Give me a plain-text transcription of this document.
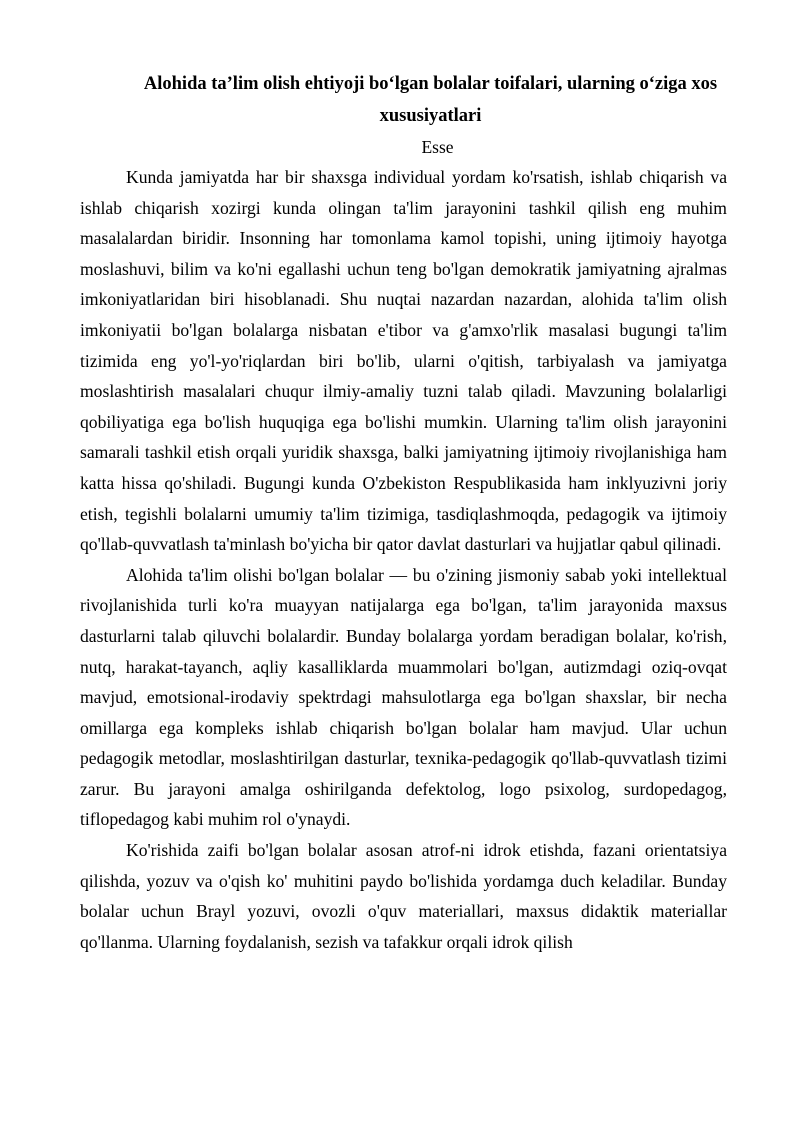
Alohida ta’lim olish ehtiyoji bo‘lgan bolalar toifalari, ularning o‘ziga xos xususiyatlari

Esse

Kunda jamiyatda har bir shaxsga individual yordam ko'rsatish, ishlab chiqarish va ishlab chiqarish xozirgi kunda olingan ta'lim jarayonini tashkil qilish eng muhim masalalardan biridir. Insonning har tomonlama kamol topishi, uning ijtimoiy hayotga moslashuvi, bilim va ko'ni egallashi uchun teng bo'lgan demokratik jamiyatning ajralmas imkoniyatlaridan biri hisoblanadi. Shu nuqtai nazardan nazardan, alohida ta'lim olish imkoniyatii bo'lgan bolalarga nisbatan e'tibor va g'amxo'rlik masalasi bugungi ta'lim tizimida eng yo'l-yo'riqlardan biri bo'lib, ularni o'qitish, tarbiyalash va jamiyatga moslashtirish masalalari chuqur ilmiy-amaliy tuzni talab qiladi. Mavzuning bolalarligi qobiliyatiga ega bo'lish huquqiga ega bo'lishi mumkin. Ularning ta'lim olish jarayonini samarali tashkil etish orqali yuridik shaxsga, balki jamiyatning ijtimoiy rivojlanishiga ham katta hissa qo'shiladi. Bugungi kunda O'zbekiston Respublikasida ham inklyuzivni joriy etish, tegishli bolalarni umumiy ta'lim tizimiga, tasdiqlashmoqda, pedagogik va ijtimoiy qo'llab-quvvatlash ta'minlash bo'yicha bir qator davlat dasturlari va hujjatlar qabul qilinadi.

Alohida ta'lim olishi bo'lgan bolalar — bu o'zining jismoniy sabab yoki intellektual rivojlanishida turli ko'ra muayyan natijalarga ega bo'lgan, ta'lim jarayonida maxsus dasturlarni talab qiluvchi bolalardir. Bunday bolalarga yordam beradigan bolalar, ko'rish, nutq, harakat-tayanch, aqliy kasalliklarda muammolari bo'lgan, autizmdagi oziq-ovqat mavjud, emotsional-irodaviy spektrdagi mahsulotlarga ega bo'lgan shaxslar, bir necha omillarga ega kompleks ishlab chiqarish bo'lgan bolalar ham mavjud. Ular uchun pedagogik metodlar, moslashtirilgan dasturlar, texnika-pedagogik qo'llab-quvvatlash tizimi zarur. Bu jarayoni amalga oshirilganda defektolog, logo psixolog, surdopedagog, tiflopedagog kabi muhim rol o'ynaydi.

Ko'rishida zaifi bo'lgan bolalar asosan atrof-ni idrok etishda, fazani orientatsiya qilishda, yozuv va o'qish ko' muhitini paydo bo'lishida yordamga duch keladilar. Bunday bolalar uchun Brayl yozuvi, ovozli o'quv materiallari, maxsus didaktik materiallar qo'llanma. Ularning foydalanish, sezish va tafakkur orqali idrok qilish
